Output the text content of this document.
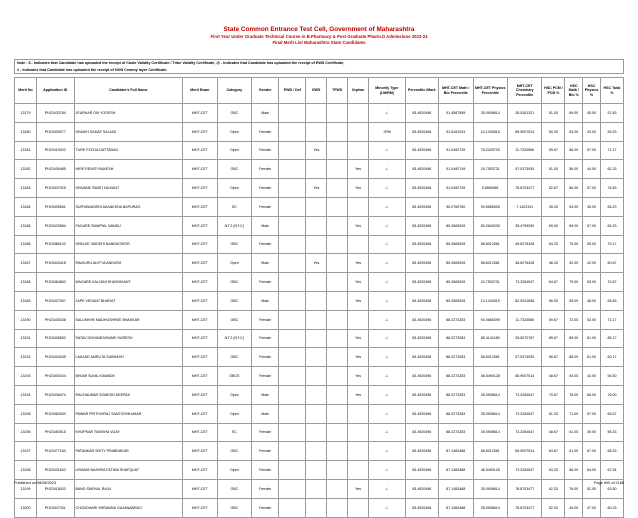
State Common Entrance Test Cell, Government of Maharashtra
First Year Under Graduate Technical Course in B.Pharmacy & Post Graduate Pharm.D Admissions 2023-24
Final Merit List Maharashtra State Candidates
Note : $ - Indicates that Candidate has uploaded the receipt of Caste Validity Certificate / Tribe Validity Certificate, @ - Indicates that Candidate has uploaded the receipt of EWS Certificate,
# - Indicates that Candidate has uploaded the receipt of NON Creamy layer Certificate.
Merit No	Application ID	Candidate's Full Name	Merit Exam	Category	Gender	PWD / Def	EWS	TFWS	Orphan	Minority Type (LM/RM)	Percentile /Mark	MHT-CET Math / Bio Percentile	MHT-CET Physics Percentile	MHT-CET Chemistry Percentile	HSC PCM / PCB %	HSC Math / Bio %	HSC Physics %	HSC Total %
13179	PH23433764	JEURKAR OM YOGESH	MHT-CET	OBC	Male					-/-	83.4920496	91.4587559	35.0908614	28.0281321	51.00	69.00	45.00	57.83
13180	PH23430077	SHAIKH SADAF SAJJAD	MHT-CET	Open	Female					-/RM	83.4920496	91.8181024	10.1432815	65.9007514	50.33	63.00	43.00	59.33
13181	PH23419002	TURE POOJA DATTARAO	MHT-CET	Open	Female		Yes			-/-	83.4920496	91.0492749	78.2325703	11.7333566	55.67	68.00	57.00	71.17
13182	PH23439485	HIRE REVATI RAKESH	MHT-CET	OBC	Female				Yes	-/-	83.4920496	91.0492749	24.7553731	57.0373930	51.00	56.00	44.00	62.33
13183	PH23447025	SHIVANE SWATI NILKANT	MHT-CET	Open	Female		Yes		Yes	-/-	83.4920496	91.0492749	5.6569981	78.8703477	62.67	66.00	57.00	74.83
13184	PH23405561	SURYAWANSHI AKANKSHA BAPURAO	MHT-CET	SC	Female					-/-	83.4920496	90.2760760	90.5556526	7.1422331	45.33	54.00	35.00	65.23
13185	PH23429894	FAGARE SWAPNIL NANDU	MHT-CET	NT 2 (NT-C)	Male				Yes	-/-	83.4920496	89.2669928	69.2600035	35.4799930	65.00	69.00	57.00	69.33
13186	PH23480102	SHELKE VAIDEHI NANDKISHOR	MHT-CET	OBC	Female					-/-	83.4920496	89.2669928	58.6012581	48.6276428	64.33	79.00	55.00	75.17
13187	PH23443418	RAIGURU ADITYA ANKUSH	MHT-CET	Open	Male		Yes		Yes	-/-	83.4920496	89.2669928	58.6012581	48.6276428	46.33	52.00	42.00	60.67
13188	PH23464663	MAGARE KALYANI SHASHIKANT	MHT-CET	OBC	Female				Yes	-/-	83.4920496	89.2669928	24.7553731	73.2264547	64.67	79.00	53.00	70.67
13189	PH23427007	JAPE VEDANT BHARAT	MHT-CET	OBC	Male				Yes	-/-	83.4920496	89.2669928	10.1432815	82.9241656	56.00	59.00	48.00	65.83
13190	PH23435438	SALUNKHE MADHUSHREE BHASKAR	MHT-CET	OBC	Female					-/-	83.4920496	88.2273283	94.0666399	11.7333566	59.67	72.00	53.00	72.17
13191	PH23405852	SATAV DNYANESHWARI SURESH	MHT-CET	NT 2 (NT-C)	Female				Yes	-/-	83.4920496	88.2273283	85.4141185	26.5070767	85.67	89.00	81.00	85.17
13192	PH23434045	LAKADE AMRUTA SUBHASH	MHT-CET	OBC	Female				Yes	-/-	83.4920496	88.2273283	58.6012581	57.0373930	56.67	68.00	61.00	60.17
13193	PH23400344	BHUMI SUNIL KAWADE	MHT-CET	OBCS	Female				Yes	-/-	83.4920496	88.2273283	46.5490128	65.9007514	48.67	54.00	43.00	54.50
13194	PH23438474	RACHALWAR SOMESH DEEPAK	MHT-CET	Open	Male				Yes	-/-	83.4920496	88.2273283	35.0908614	73.2264547	70.67	76.00	68.00	76.00
13195	PH23463000	PAWAR PRITHVIRAJ SANTOSHKUMAR	MHT-CET	Open	Male					-/-	83.4920496	88.2273283	35.0908614	73.2264547	61.33	71.00	57.00	65.67
13196	PH23450515	KHOPKAR TANISHA VIJAY	MHT-CET	SC	Female					-/-	83.4920496	88.2273283	35.0908614	73.2264547	48.67	61.00	39.00	56.33
13197	PH23477163	PATANKAR SHITY PRABHAKAR	MHT-CET	OBC	Female					-/-	83.4920496	87.1483488	58.6012581	65.9007514	64.67	61.00	67.00	68.33
13198	PH23431843	USMANI NASHRA FATIMA SHAFQUAT	MHT-CET	Open	Female					-/-	83.4920496	87.1483488	46.5490128	73.2264547	63.33	68.00	64.00	67.54
13199	PH23418033	BAND SNEHAL RAJU	MHT-CET	OBC	Female				Yes	-/-	83.4920496	87.1483488	35.0908614	78.8703477	62.33	76.00	52.00	63.50
13200	PH23447331	CHOUDHARI SHRAVANI GAJANANRAO	MHT-CET	OBC	Female					-/-	83.4920496	87.1483488	35.0908614	78.8703477	52.33	49.00	47.00	60.33
Published on 08/08/2023	Page 600 of 2188
